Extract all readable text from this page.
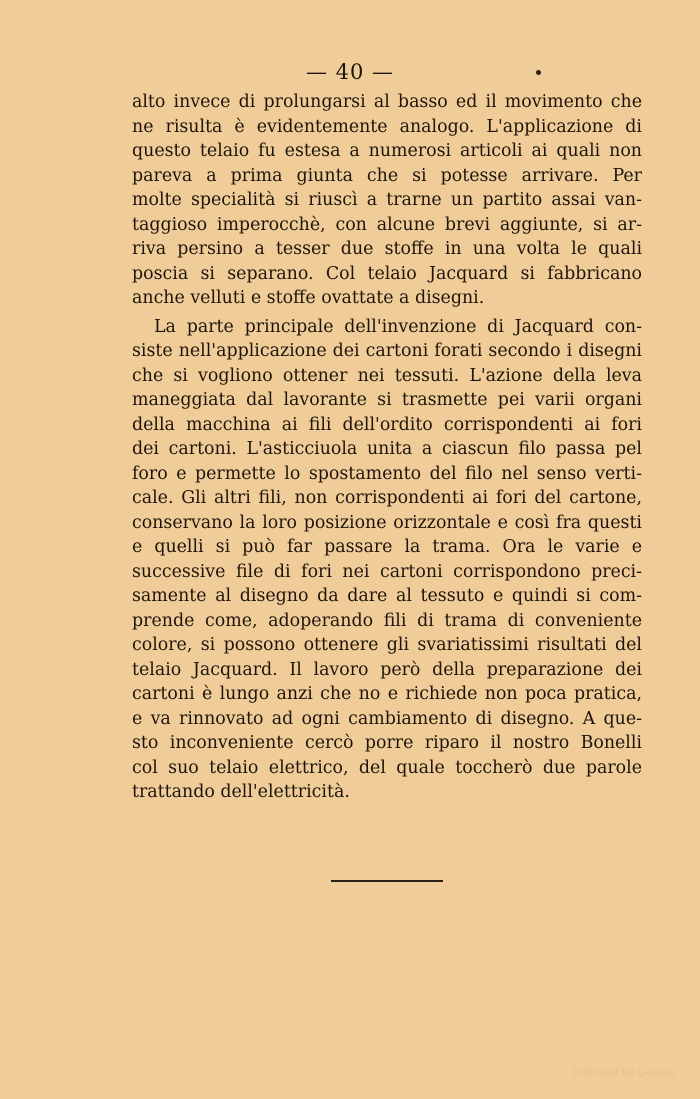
— 40 —
alto invece di prolungarsi al basso ed il movimento che
ne risulta è evidentemente analogo. L'applicazione di
questo telaio fu estesa a numerosi articoli ai quali non
pareva a prima giunta che si potesse arrivare. Per
molte specialità si riuscì a trarne un partito assai van-
taggioso imperocchè, con alcune brevi aggiunte, si ar-
riva persino a tesser due stoffe in una volta le quali
poscia si separano. Col telaio Jacquard si fabbricano
anche velluti e stoffe ovattate a disegni.
La parte principale dell'invenzione di Jacquard con-
siste nell'applicazione dei cartoni forati secondo i disegni
che si vogliono ottener nei tessuti. L'azione della leva
maneggiata dal lavorante si trasmette pei varii organi
della macchina ai fili dell'ordito corrispondenti ai fori
dei cartoni. L'asticciuola unita a ciascun filo passa pel
foro e permette lo spostamento del filo nel senso verti-
cale. Gli altri fili, non corrispondenti ai fori del cartone,
conservano la loro posizione orizzontale e così fra questi
e quelli si può far passare la trama. Ora le varie e
successive file di fori nei cartoni corrispondono preci-
samente al disegno da dare al tessuto e quindi si com-
prende come, adoperando fili di trama di conveniente
colore, si possono ottenere gli svariatissimi risultati del
telaio Jacquard. Il lavoro però della preparazione dei
cartoni è lungo anzi che no e richiede non poca pratica,
e va rinnovato ad ogni cambiamento di disegno. A que-
sto inconveniente cercò porre riparo il nostro Bonelli
col suo telaio elettrico, del quale toccherò due parole
trattando dell'elettricità.
Digitized by Google
